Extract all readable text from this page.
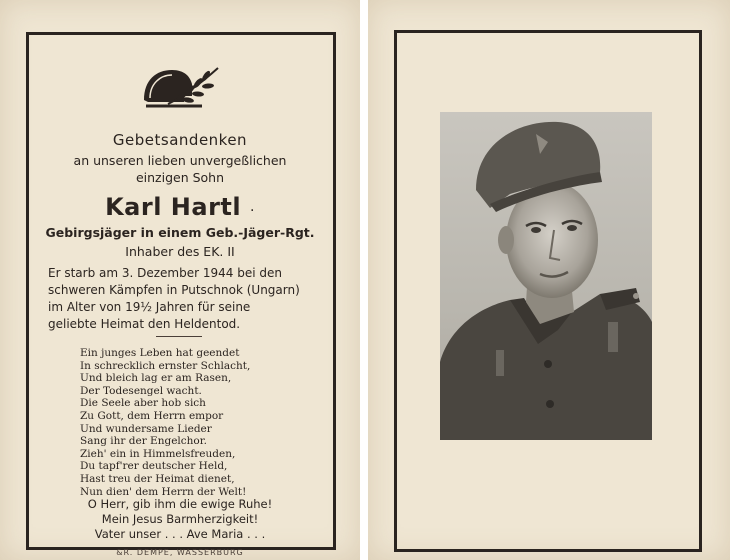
Gebetsandenken
an unseren lieben unvergeßlichen
einzigen Sohn
Karl Hartl ·
Gebirgsjäger in einem Geb.-Jäger-Rgt.
Inhaber des EK. II
Er starb am 3. Dezember 1944 bei den
schweren Kämpfen in Putschnok (Ungarn)
im Alter von 19½ Jahren für seine
geliebte Heimat den Heldentod.
Ein junges Leben hat geendet
In schrecklich ernster Schlacht,
Und bleich lag er am Rasen,
Der Todesengel wacht.
Die Seele aber hob sich
Zu Gott, dem Herrn empor
Und wundersame Lieder
Sang ihr der Engelchor.
Zieh' ein in Himmelsfreuden,
Du tapf'rer deutscher Held,
Hast treu der Heimat dienet,
Nun dien' dem Herrn der Welt!
O Herr, gib ihm die ewige Ruhe!
Mein Jesus Barmherzigkeit!
Vater unser . . . Ave Maria . . .
&R. DEMPE, WASSERBURG
